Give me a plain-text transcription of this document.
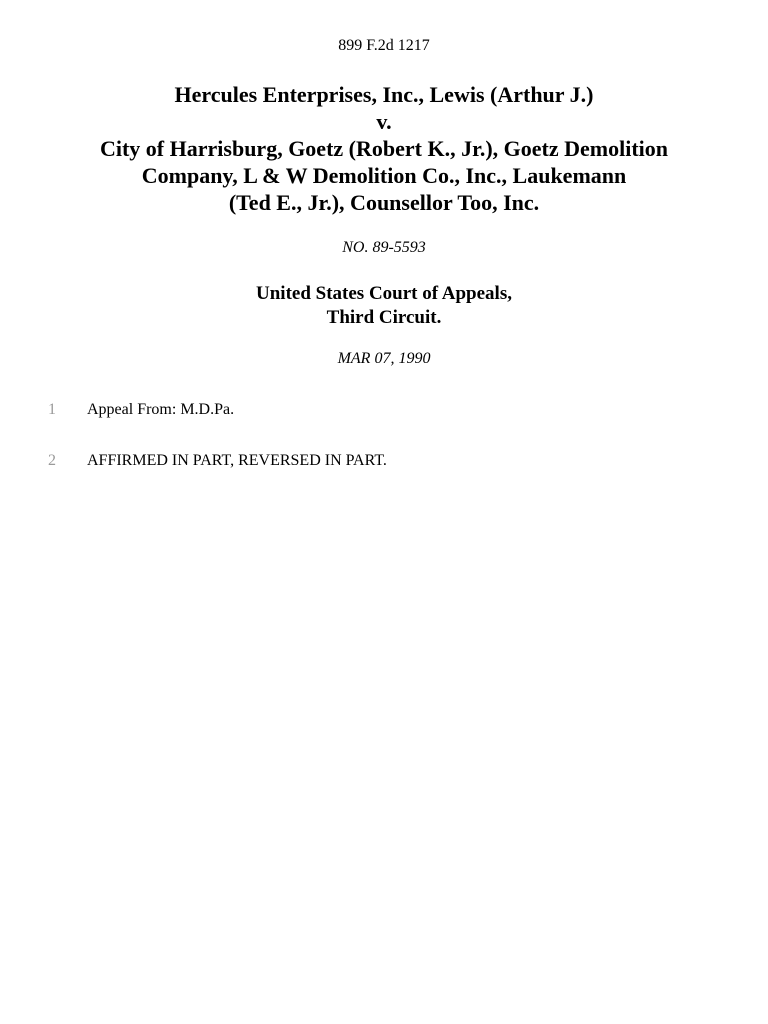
899 F.2d 1217
Hercules Enterprises, Inc., Lewis (Arthur J.)
v.
City of Harrisburg, Goetz (Robert K., Jr.), Goetz Demolition
Company, L & W Demolition Co., Inc., Laukemann
(Ted E., Jr.), Counsellor Too, Inc.
NO. 89-5593
United States Court of Appeals,
Third Circuit.
MAR 07, 1990
1 Appeal From: M.D.Pa.
2 AFFIRMED IN PART, REVERSED IN PART.
